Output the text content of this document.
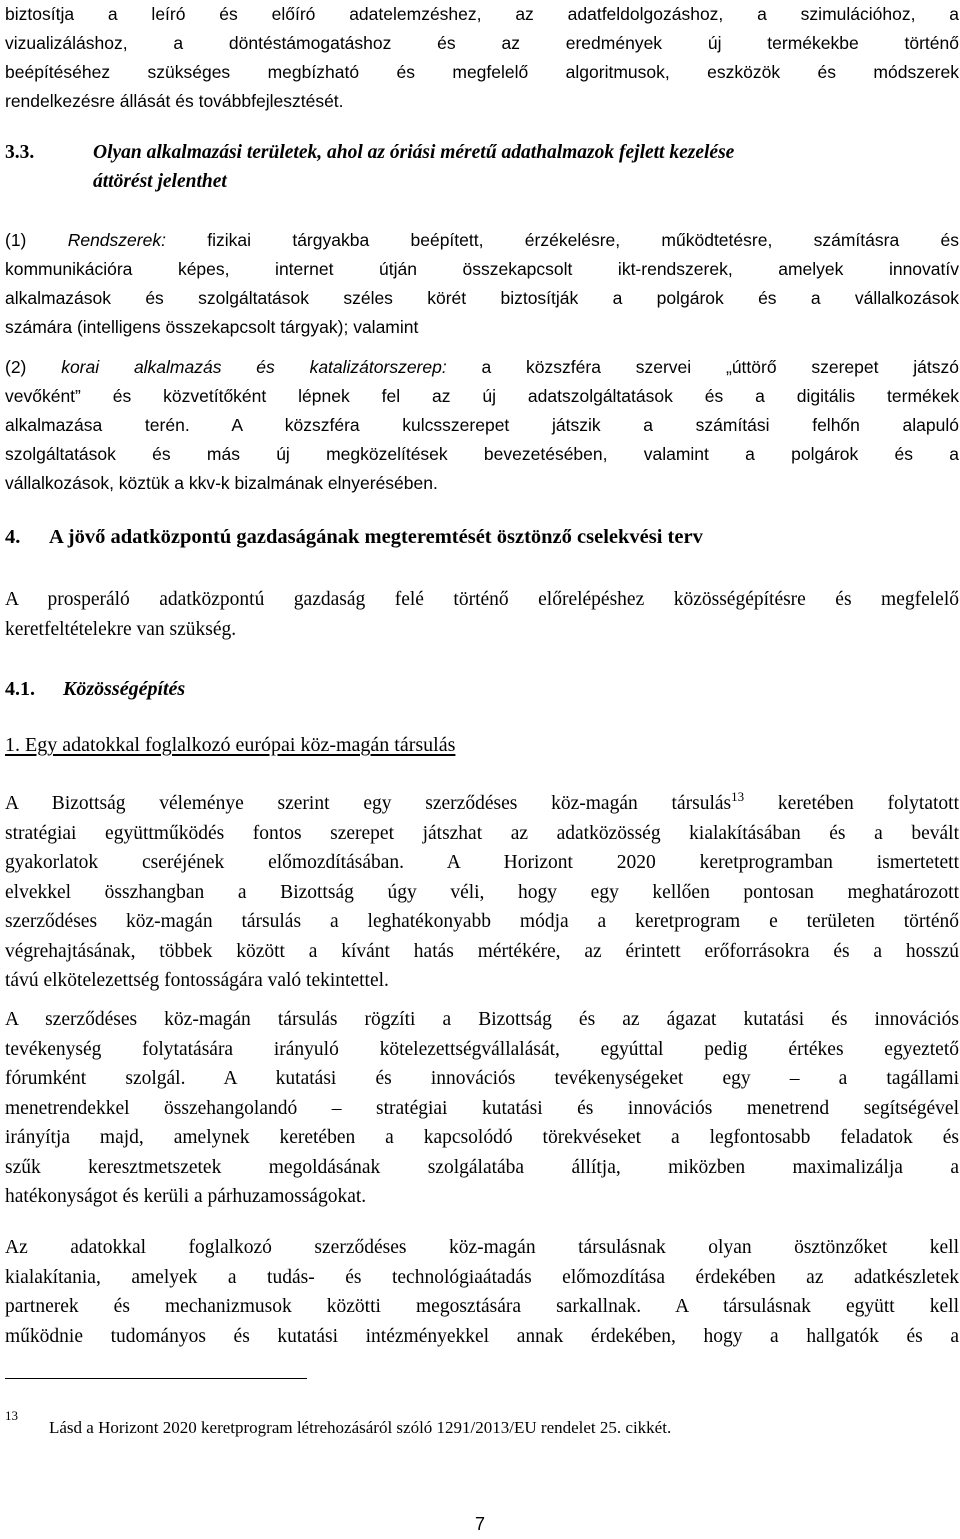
biztosítja a leíró és előíró adatelemzéshez, az adatfeldolgozáshoz, a szimulációhoz, a
vizualizáláshoz, a döntéstámogatáshoz és az eredmények új termékekbe történő
beépítéséhez szükséges megbízható és megfelelő algoritmusok, eszközök és módszerek
rendelkezésre állását és továbbfejlesztését.
3.3.	Olyan alkalmazási területek, ahol az óriási méretű adathalmazok fejlett kezelése
áttörést jelenthet
(1) Rendszerek: fizikai tárgyakba beépített, érzékelésre, működtetésre, számításra és
kommunikációra képes, internet útján összekapcsolt ikt-rendszerek, amelyek innovatív
alkalmazások és szolgáltatások széles körét biztosítják a polgárok és a vállalkozások
számára (intelligens összekapcsolt tárgyak); valamint
(2) korai alkalmazás és katalizátorszerep: a közszféra szervei „úttörő szerepet játszó
vevőként” és közvetítőként lépnek fel az új adatszolgáltatások és a digitális termékek
alkalmazása terén. A közszféra kulcsszerepet játszik a számítási felhőn alapuló
szolgáltatások és más új megközelítések bevezetésében, valamint a polgárok és a
vállalkozások, köztük a kkv-k bizalmának elnyerésében.
4. A jövő adatközpontú gazdaságának megteremtését ösztönző cselekvési terv
A prosperáló adatközpontú gazdaság felé történő előrelépéshez közösségépítésre és megfelelő
keretfeltételekre van szükség.
4.1. Közösségépítés
1. Egy adatokkal foglalkozó európai köz-magán társulás
A Bizottság véleménye szerint egy szerződéses köz-magán társulás$^{13}$ keretében folytatott
stratégiai együttműködés fontos szerepet játszhat az adatközösség kialakításában és a bevált
gyakorlatok cseréjének előmozdításában. A Horizont 2020 keretprogramban ismertetett
elvekkel összhangban a Bizottság úgy véli, hogy egy kellően pontosan meghatározott
szerződéses köz-magán társulás a leghatékonyabb módja a keretprogram e területen történő
végrehajtásának, többek között a kívánt hatás mértékére, az érintett erőforrásokra és a hosszú
távú elkötelezettség fontosságára való tekintettel.
A szerződéses köz-magán társulás rögzíti a Bizottság és az ágazat kutatási és innovációs
tevékenység folytatására irányuló kötelezettségvállalását, egyúttal pedig értékes egyeztető
fórumként szolgál. A kutatási és innovációs tevékenységeket egy – a tagállami
menetrendekkel összehangolandó – stratégiai kutatási és innovációs menetrend segítségével
irányítja majd, amelynek keretében a kapcsolódó törekvéseket a legfontosabb feladatok és
szűk keresztmetszetek megoldásának szolgálatába állítja, miközben maximalizálja a
hatékonyságot és kerüli a párhuzamosságokat.
Az adatokkal foglalkozó szerződéses köz-magán társulásnak olyan ösztönzőket kell
kialakítania, amelyek a tudás- és technológiaátadás előmozdítása érdekében az adatkészletek
partnerek és mechanizmusok közötti megosztására sarkallnak. A társulásnak együtt kell
működnie tudományos és kutatási intézményekkel annak érdekében, hogy a hallgatók és a
13
Lásd a Horizont 2020 keretprogram létrehozásáról szóló 1291/2013/EU rendelet 25. cikkét.
7
